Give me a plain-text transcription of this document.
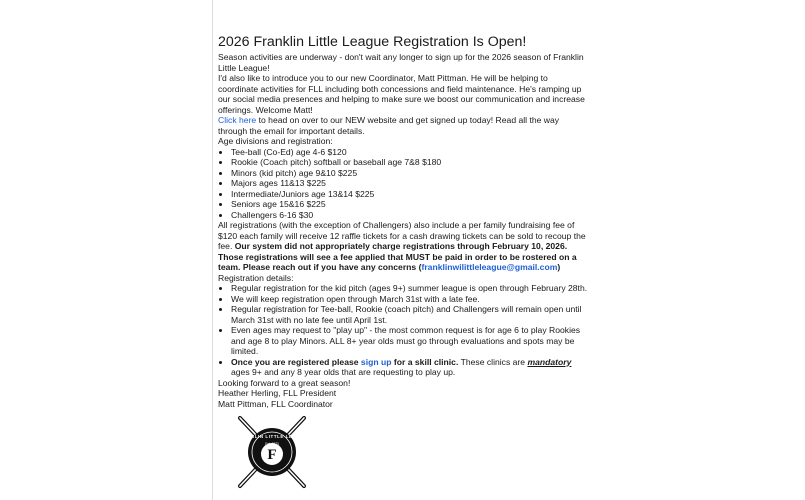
2026 Franklin Little League Registration Is Open!

Season activities are underway - don't wait any longer to sign up for the 2026 season of Franklin Little League!

I'd also like to introduce you to our new Coordinator, Matt Pittman. He will be helping to coordinate activities for FLL including both concessions and field maintenance. He's ramping up our social media presences and helping to make sure we boost our communication and increase offerings. Welcome Matt!

Click here to head on over to our NEW website and get signed up today! Read all the way through the email for important details.

Age divisions and registration:

• Tee-ball (Co-Ed) age 4-6 $120
• Rookie (Coach pitch) softball or baseball age 7&8 $180
• Minors (kid pitch) age 9&10 $225
• Majors ages 11&13 $225
• Intermediate/Juniors age 13&14 $225
• Seniors age 15&16 $225
• Challengers 6-16 $30

All registrations (with the exception of Challengers) also include a per family fundraising fee of $120 each family will receive 12 raffle tickets for a cash drawing tickets can be sold to recoup the fee. Our system did not appropriately charge registrations through February 10, 2026. Those registrations will see a fee applied that MUST be paid in order to be rostered on a team. Please reach out if you have any concerns (franklinwilittleleague@gmail.com)

Registration details:

• Regular registration for the kid pitch (ages 9+) summer league is open through February 28th.
• We will keep registration open through March 31st with a late fee.
• Regular registration for Tee-ball, Rookie (coach pitch) and Challengers will remain open until March 31st with no late fee until April 1st.
• Even ages may request to "play up" - the most common request is for age 6 to play Rookies and age 8 to play Minors. ALL 8+ year olds must go through evaluations and spots may be limited.
• Once you are registered please sign up for a skill clinic. These clinics are mandatory ages 9+ and any 8 year olds that are requesting to play up.

Looking forward to a great season!

Heather Herling, FLL President

Matt Pittman, FLL Coordinator

F
FRANKLIN LITTLE LEAGUE
Est. 1973
